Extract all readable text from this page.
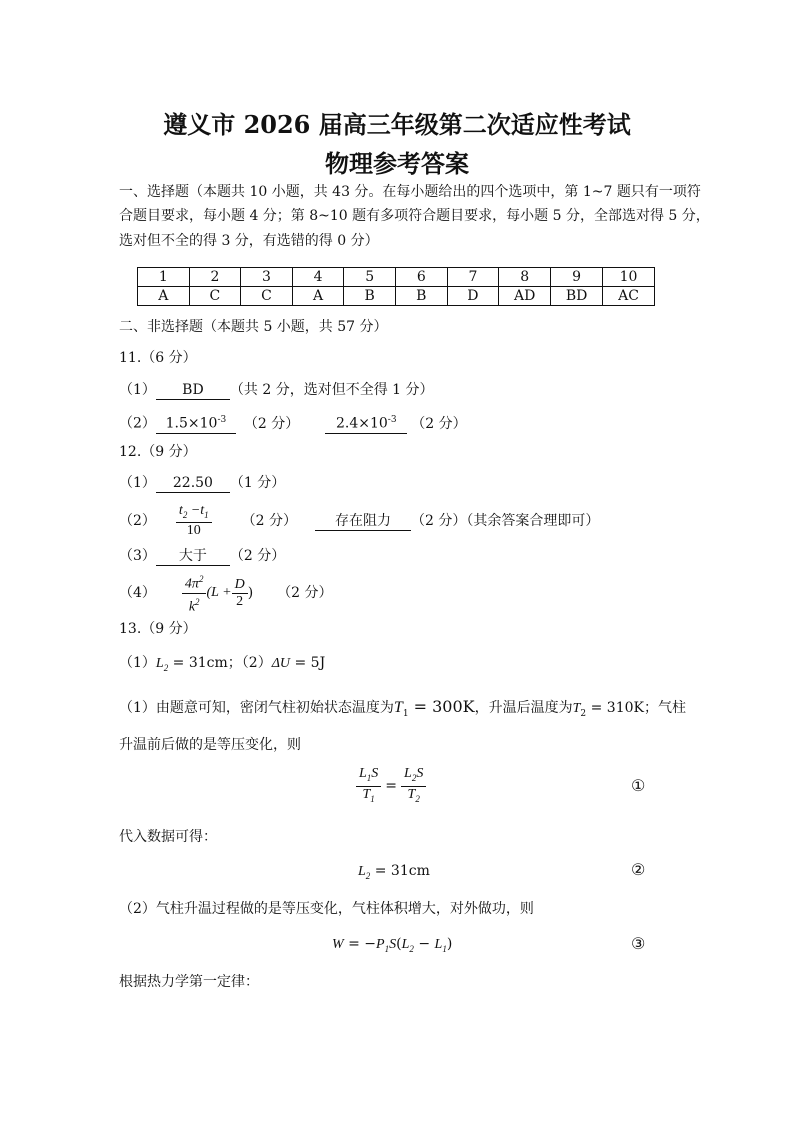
遵义市 2026 届高三年级第二次适应性考试
物理参考答案
一、选择题（本题共 10 小题，共 43 分。在每小题给出的四个选项中，第 1~7 题只有一项符
合题目要求，每小题 4 分；第 8~10 题有多项符合题目要求，每小题 5 分，全部选对得 5 分，
选对但不全的得 3 分，有选错的得 0 分）
1	2	3	4	5	6	7	8	9	10
A	C	C	A	B	B	D	AD	BD	AC
二、非选择题（本题共 5 小题，共 57 分）
11.（6 分）
（1） BD （共 2 分，选对但不全得 1 分）
（2） $1.5\times 10^{-3}$ （2 分）	$2.4\times 10^{-3}$ （2 分）
12.（9 分）
（1） 22.50 （1 分）
$(2) \frac{t_2 -t_1}{10} (2$ 分）	存在阻力	（2 分）（其余答案合理即可）
（3） 大于 （2 分）
$(4) \frac{4\pi^2}{k^2} (L + \frac{D}{2}$ ) （2 分）
13.（9 分）
$(1)L_2 = 31cm$；（2）ΔU = 5J
（1）由题意可知，密闭气柱初始状态温度为$T_1 = 300K$，升温后温度为$T_2 = 310K$；气柱
升温前后做的是等压变化，则
$\frac{L_1S}{T_1} = \frac{L_2S}{T_2}$	①
代入数据可得：
$L_2 = 31cm$	②
（2）气柱升温过程做的是等压变化，气柱体积增大，对外做功，则
$W = -P_1S(L_2 - L_1)$	③
根据热力学第一定律：
